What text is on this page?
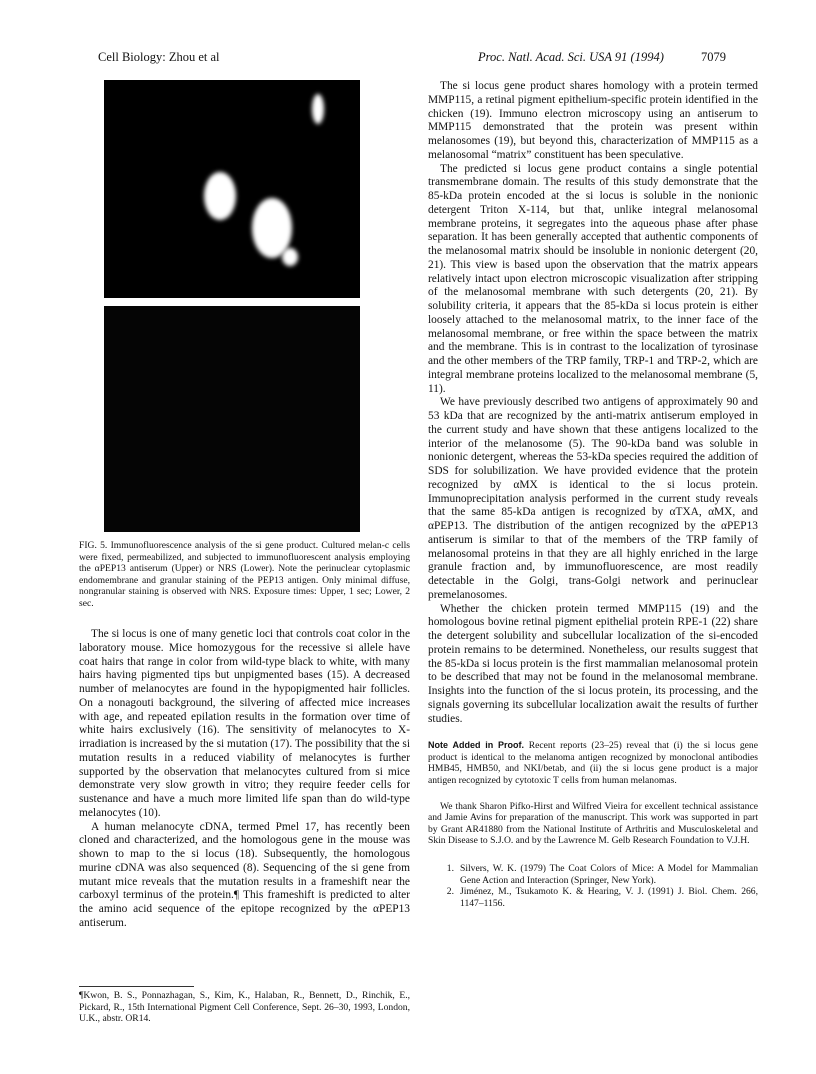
Cell Biology: Zhou et al	Proc. Natl. Acad. Sci. USA 91 (1994)	7079
FIG. 5. Immunofluorescence analysis of the si gene product. Cultured melan-c cells were fixed, permeabilized, and subjected to immunofluorescent analysis employing the αPEP13 antiserum (Upper) or NRS (Lower). Note the perinuclear cytoplasmic endomembrane and granular staining of the PEP13 antigen. Only minimal diffuse, nongranular staining is observed with NRS. Exposure times: Upper, 1 sec; Lower, 2 sec.

The si locus is one of many genetic loci that controls coat color in the laboratory mouse. Mice homozygous for the recessive si allele have coat hairs that range in color from wild-type black to white, with many hairs having pigmented tips but unpigmented bases (15). A decreased number of melanocytes are found in the hypopigmented hair follicles. On a nonagouti background, the silvering of affected mice increases with age, and repeated epilation results in the formation over time of white hairs exclusively (16). The sensitivity of melanocytes to X-irradiation is increased by the si mutation (17). The possibility that the si mutation results in a reduced viability of melanocytes is further supported by the observation that melanocytes cultured from si mice demonstrate very slow growth in vitro; they require feeder cells for sustenance and have a much more limited life span than do wild-type melanocytes (10).

A human melanocyte cDNA, termed Pmel 17, has recently been cloned and characterized, and the homologous gene in the mouse was shown to map to the si locus (18). Subsequently, the homologous murine cDNA was also sequenced (8). Sequencing of the si gene from mutant mice reveals that the mutation results in a frameshift near the carboxyl terminus of the protein.¶ This frameshift is predicted to alter the amino acid sequence of the epitope recognized by the αPEP13 antiserum.

¶Kwon, B. S., Ponnazhagan, S., Kim, K., Halaban, R., Bennett, D., Rinchik, E., Pickard, R., 15th International Pigment Cell Conference, Sept. 26–30, 1993, London, U.K., abstr. OR14.

The si locus gene product shares homology with a protein termed MMP115, a retinal pigment epithelium-specific protein identified in the chicken (19). Immuno electron microscopy using an antiserum to MMP115 demonstrated that the protein was present within melanosomes (19), but beyond this, characterization of MMP115 as a melanosomal “matrix” constituent has been speculative.

The predicted si locus gene product contains a single potential transmembrane domain. The results of this study demonstrate that the 85-kDa protein encoded at the si locus is soluble in the nonionic detergent Triton X-114, but that, unlike integral melanosomal membrane proteins, it segregates into the aqueous phase after phase separation. It has been generally accepted that authentic components of the melanosomal matrix should be insoluble in nonionic detergent (20, 21). This view is based upon the observation that the matrix appears relatively intact upon electron microscopic visualization after stripping of the melanosomal membrane with such detergents (20, 21). By solubility criteria, it appears that the 85-kDa si locus protein is either loosely attached to the melanosomal matrix, to the inner face of the melanosomal membrane, or free within the space between the matrix and the membrane. This is in contrast to the localization of tyrosinase and the other members of the TRP family, TRP-1 and TRP-2, which are integral membrane proteins localized to the melanosomal membrane (5, 11).

We have previously described two antigens of approximately 90 and 53 kDa that are recognized by the anti-matrix antiserum employed in the current study and have shown that these antigens localized to the interior of the melanosome (5). The 90-kDa band was soluble in nonionic detergent, whereas the 53-kDa species required the addition of SDS for solubilization. We have provided evidence that the protein recognized by αMX is identical to the si locus protein. Immunoprecipitation analysis performed in the current study reveals that the same 85-kDa antigen is recognized by αTXA, αMX, and αPEP13. The distribution of the antigen recognized by the αPEP13 antiserum is similar to that of the members of the TRP family of melanosomal proteins in that they are all highly enriched in the large granule fraction and, by immunofluorescence, are most readily detectable in the Golgi, trans-Golgi network and perinuclear premelanosomes.

Whether the chicken protein termed MMP115 (19) and the homologous bovine retinal pigment epithelial protein RPE-1 (22) share the detergent solubility and subcellular localization of the si-encoded protein remains to be determined. Nonetheless, our results suggest that the 85-kDa si locus protein is the first mammalian melanosomal protein to be described that may not be found in the melanosomal membrane. Insights into the function of the si locus protein, its processing, and the signals governing its subcellular localization await the results of further studies.

Note Added in Proof. Recent reports (23–25) reveal that (i) the si locus gene product is identical to the melanoma antigen recognized by monoclonal antibodies HMB45, HMB50, and NKI/betab, and (ii) the si locus gene product is a major antigen recognized by cytotoxic T cells from human melanomas.
We thank Sharon Pifko-Hirst and Wilfred Vieira for excellent technical assistance and Jamie Avins for preparation of the manuscript. This work was supported in part by Grant AR41880 from the National Institute of Arthritis and Musculoskeletal and Skin Disease to S.J.O. and by the Lawrence M. Gelb Research Foundation to V.J.H.
1. Silvers, W. K. (1979) The Coat Colors of Mice: A Model for Mammalian Gene Action and Interaction (Springer, New York).
2. Jiménez, M., Tsukamoto K. & Hearing, V. J. (1991) J. Biol. Chem. 266, 1147–1156.
